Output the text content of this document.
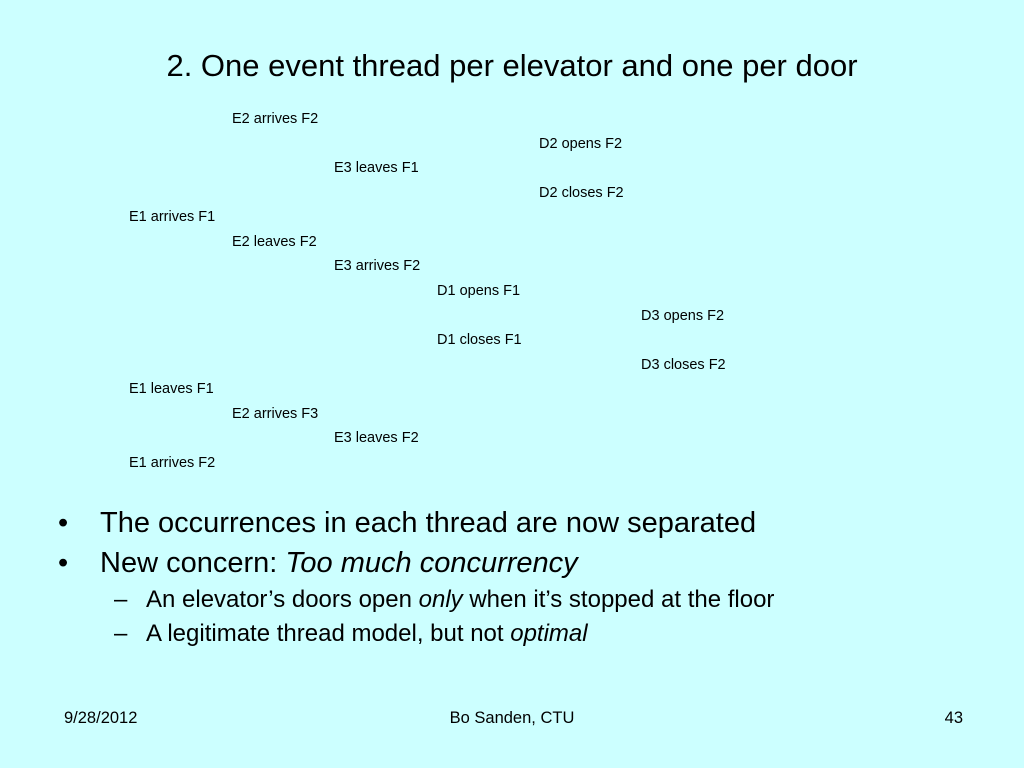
2. One event thread per elevator and one per door
E2 arrives F2
D2 opens F2
E3 leaves F1
D2 closes F2
E1 arrives F1
E2 leaves F2
E3 arrives F2
D1 opens F1
D3 opens F2
D1 closes F1
D3 closes F2
E1 leaves F1
E2 arrives F3
E3 leaves F2
E1 arrives F2
• The occurrences in each thread are now separated
• New concern: Too much concurrency
– An elevator’s doors open only when it’s stopped at the floor
– A legitimate thread model, but not optimal
9/28/2012	Bo Sanden, CTU	43
